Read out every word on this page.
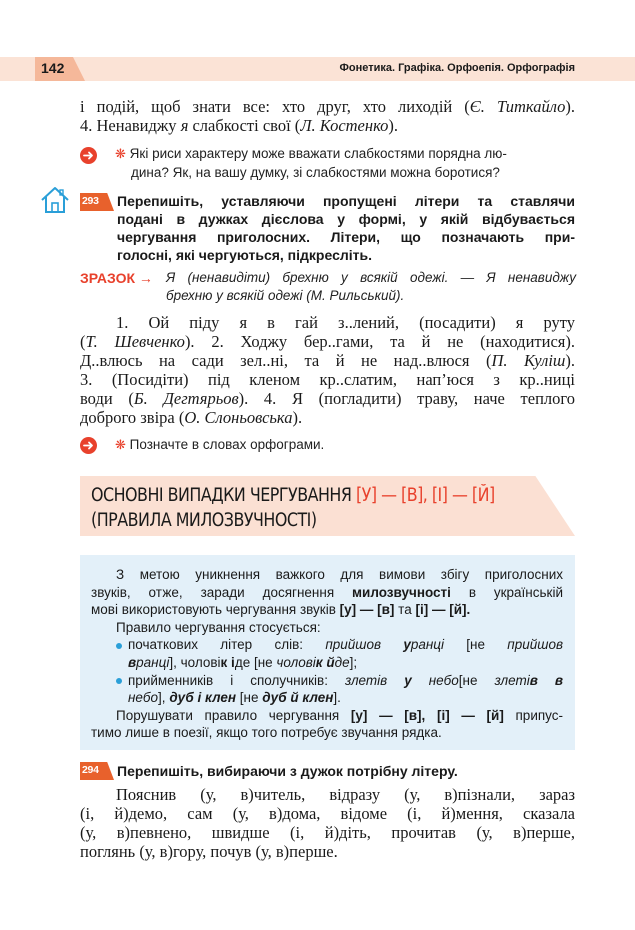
142	Фонетика. Графіка. Орфоепія. Орфографія
і подій, щоб знати все: хто друг, хто лиходій (Є. Титкайло).
4. Ненавиджу я слабкості свої (Л. Костенко).
❋ Які риси характеру може вважати слабкостями порядна лю-
дина? Як, на вашу думку, зі слабкостями можна боротися?
293 Перепишіть, уставляючи пропущені літери та ставлячи
подані в дужках дієслова у формі, у якій відбувається
чергування приголосних. Літери, що позначають при-
голосні, які чергуються, підкресліть.
ЗРАЗОК → Я (ненавидіти) брехню у всякій одежі. — Я ненавиджу
брехню у всякій одежі (М. Рильський).
1. Ой піду я в гай з..лений, (посадити) я руту
(Т. Шевченко). 2. Ходжу бер..гами, та й не (находитися).
Д..влюсь на сади зел..ні, та й не над..влюся (П. Куліш).
3. (Посидіти) під кленом кр..слатим, нап’юся з кр..ниці
води (Б. Дегтярьов). 4. Я (погладити) траву, наче теплого
доброго звіра (О. Слоньовська).
❋ Позначте в словах орфограми.
ОСНОВНІ ВИПАДКИ ЧЕРГУВАННЯ [У] — [В], [І] — [Й]
(ПРАВИЛА МИЛОЗВУЧНОСТІ)
З метою уникнення важкого для вимови збігу приголосних
звуків, отже, заради досягнення милозвучності в українській
мові використовують чергування звуків [у] — [в] та [і] — [й].
Правило чергування стосується:
початкових літер слів: прийшов уранці [не прийшов
вранці], чоловік іде [не чоловік йде];
прийменників і сполучників: злетів у небо[не злетів в
небо], дуб і клен [не дуб й клен].
Порушувати правило чергування [у] — [в], [і] — [й] припус-
тимо лише в поезії, якщо того потребує звучання рядка.
294 Перепишіть, вибираючи з дужок потрібну літеру.
Пояснив (у, в)читель, відразу (у, в)пізнали, зараз
(і, й)демо, сам (у, в)дома, відоме (і, й)мення, сказала
(у, в)певнено, швидше (і, й)діть, прочитав (у, в)перше,
поглянь (у, в)гору, почув (у, в)перше.
